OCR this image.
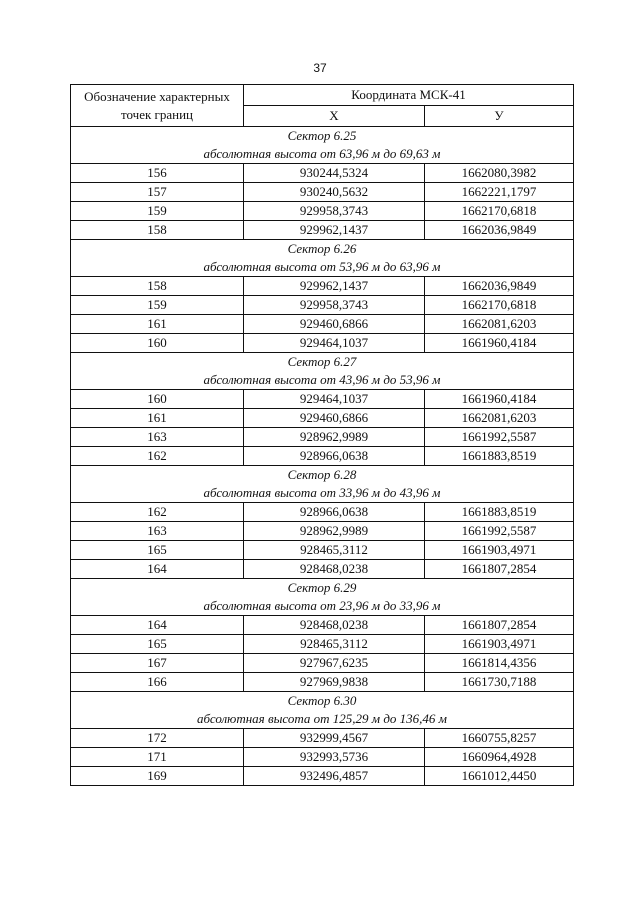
37
Обозначение характерных точек границ	Координата МСК-41	
	Х	У

Сектор 6.25		
абсолютная высота от 63,96 м до 69,63 м		
156	930244,5324	1662080,3982
157	930240,5632	1662221,1797
159	929958,3743	1662170,6818
158	929962,1437	1662036,9849
Сектор 6.26		
абсолютная высота от 53,96 м до 63,96 м		
158	929962,1437	1662036,9849
159	929958,3743	1662170,6818
161	929460,6866	1662081,6203
160	929464,1037	1661960,4184
Сектор 6.27		
абсолютная высота от 43,96 м до 53,96 м		
160	929464,1037	1661960,4184
161	929460,6866	1662081,6203
163	928962,9989	1661992,5587
162	928966,0638	1661883,8519
Сектор 6.28		
абсолютная высота от 33,96 м до 43,96 м		
162	928966,0638	1661883,8519
163	928962,9989	1661992,5587
165	928465,3112	1661903,4971
164	928468,0238	1661807,2854
Сектор 6.29		
абсолютная высота от 23,96 м до 33,96 м		
164	928468,0238	1661807,2854
165	928465,3112	1661903,4971
167	927967,6235	1661814,4356
166	927969,9838	1661730,7188
Сектор 6.30		
абсолютная высота от 125,29 м до 136,46 м		
172	932999,4567	1660755,8257
171	932993,5736	1660964,4928
169	932496,4857	1661012,4450
